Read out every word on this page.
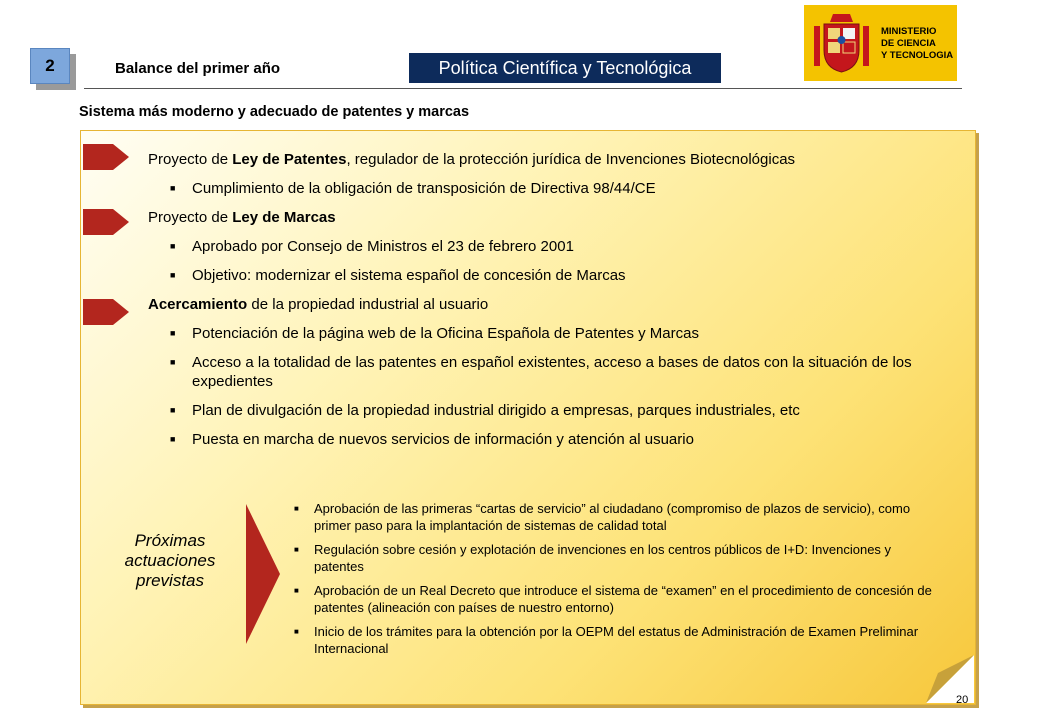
2	Balance del primer año	Política Científica y Tecnológica
MINISTERIO
DE CIENCIA
Y TECNOLOGIA
Sistema más moderno y adecuado de patentes y marcas
Proyecto de Ley de Patentes, regulador de la protección jurídica de Invenciones Biotecnológicas
■	Cumplimiento de la obligación de transposición de Directiva 98/44/CE
Proyecto de Ley de Marcas
■	Aprobado por Consejo de Ministros el 23 de febrero 2001
■	Objetivo: modernizar el sistema español de concesión de Marcas
Acercamiento de la propiedad industrial al usuario
■	Potenciación de la página web de la Oficina Española de Patentes y Marcas
■	Acceso a la totalidad de las patentes en español existentes, acceso a bases de datos con la situación de los expedientes
■	Plan de divulgación de la propiedad industrial dirigido a empresas, parques industriales, etc
■	Puesta en marcha de nuevos servicios de información y atención al usuario
Próximas
actuaciones
previstas
■	Aprobación de las primeras “cartas de servicio” al ciudadano (compromiso de plazos de servicio), como primer paso para la implantación de sistemas de calidad total
■	Regulación sobre cesión y explotación de invenciones en los centros públicos de I+D: Invenciones y patentes
■	Aprobación de un Real Decreto que introduce el sistema de “examen” en el procedimiento de concesión de patentes (alineación con países de nuestro entorno)
■	Inicio de los trámites para la obtención por la OEPM del estatus de Administración de Examen Preliminar Internacional
20
